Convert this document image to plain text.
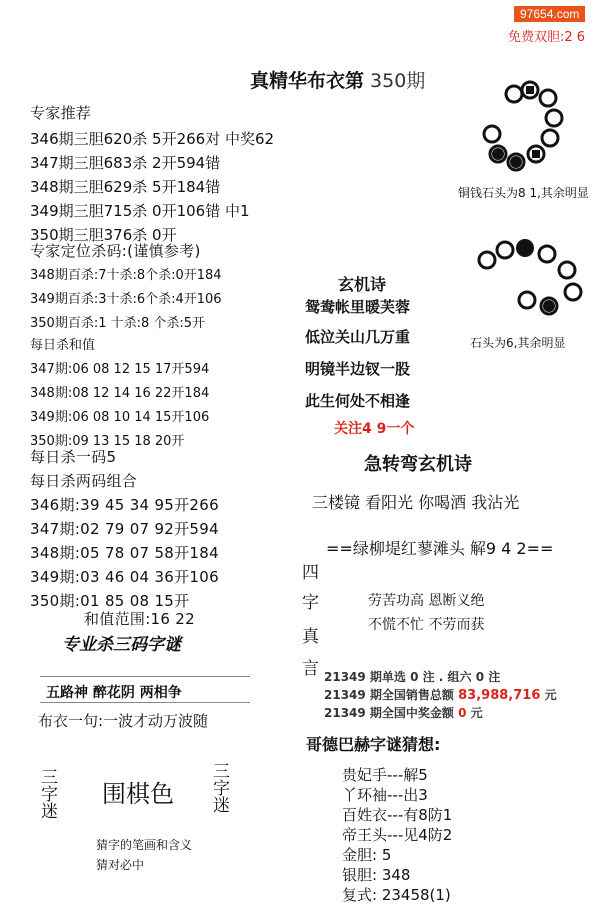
97654.com
免费双胆:2 6
真精华布衣第 350期
专家推荐
346期三胆620杀 5开266对 中奖62
347期三胆683杀 2开594错
348期三胆629杀 5开184错
349期三胆715杀 0开106错 中1
350期三胆376杀 0开
专家定位杀码:(谨慎参考)
348期百杀:7十杀:8个杀:0开184
349期百杀:3十杀:6个杀:4开106
350期百杀:1 十杀:8 个杀:5开
每日杀和值
347期:06 08 12 15 17开594
348期:08 12 14 16 22开184
349期:06 08 10 14 15开106
350期:09 13 15 18 20开
每日杀一码5
每日杀两码组合
346期:39 45 34 95开266
347期:02 79 07 92开594
348期:05 78 07 58开184
349期:03 46 04 36开106
350期:01 85 08 15开
和值范围:16 22
专业杀三码字谜
五路神 醉花阴 两相争
布衣一句:一波才动万波随
三字迷 围棋色 三字迷
猜字的笔画和含义
猜对必中
铜钱石头为8 1,其余明显
石头为6,其余明显
玄机诗
鸳鸯帐里暖芙蓉
低泣关山几万重
明镜半边钗一股
此生何处不相逢
关注4 9一个
急转弯玄机诗
三楼镜 看阳光 你喝酒 我沾光
==绿柳堤红蓼滩头 解9 4 2==
四
字
真
言
劳苦功高 恩断义绝
不慌不忙 不劳而获
21349 期单选 0 注 . 组六 0 注
21349 期全国销售总额 83,988,716 元
21349 期全国中奖金额 0 元
哥德巴赫字谜猜想:
贵妃手---解5
丫环袖---出3
百姓衣---有8防1
帝王头---见4防2
金胆: 5
银胆: 348
复式: 23458(1)
